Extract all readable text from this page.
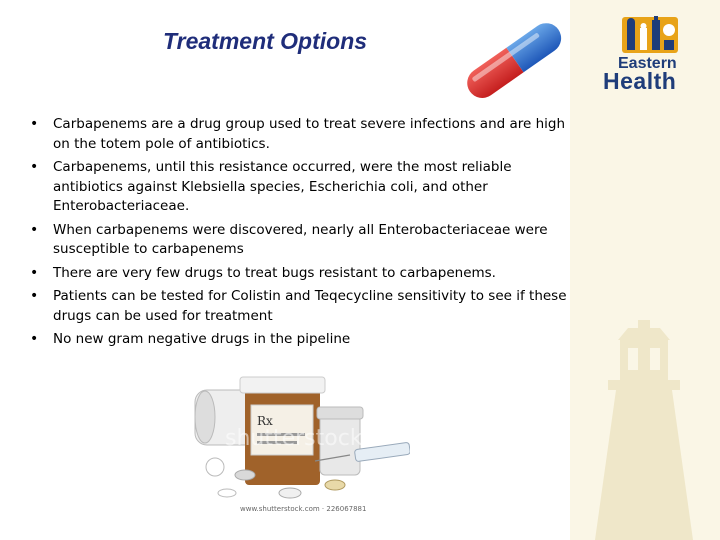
Treatment Options
Eastern
Health
• Carbapenems are a drug group used to treat severe infections and are high on the totem pole of antibiotics.
• Carbapenems, until this resistance occurred, were the most reliable antibiotics against Klebsiella species, Escherichia coli, and other Enterobacteriaceae.
• When carbapenems were discovered, nearly all Enterobacteriaceae were susceptible to carbapenems
• There are very few drugs to treat bugs resistant to carbapenems.
• Patients can be tested for Colistin and Teqecycline sensitivity to see if these drugs can be used for treatment
• No new gram negative drugs in the pipeline
Rx
shutterstock
www.shutterstock.com · 226067881
